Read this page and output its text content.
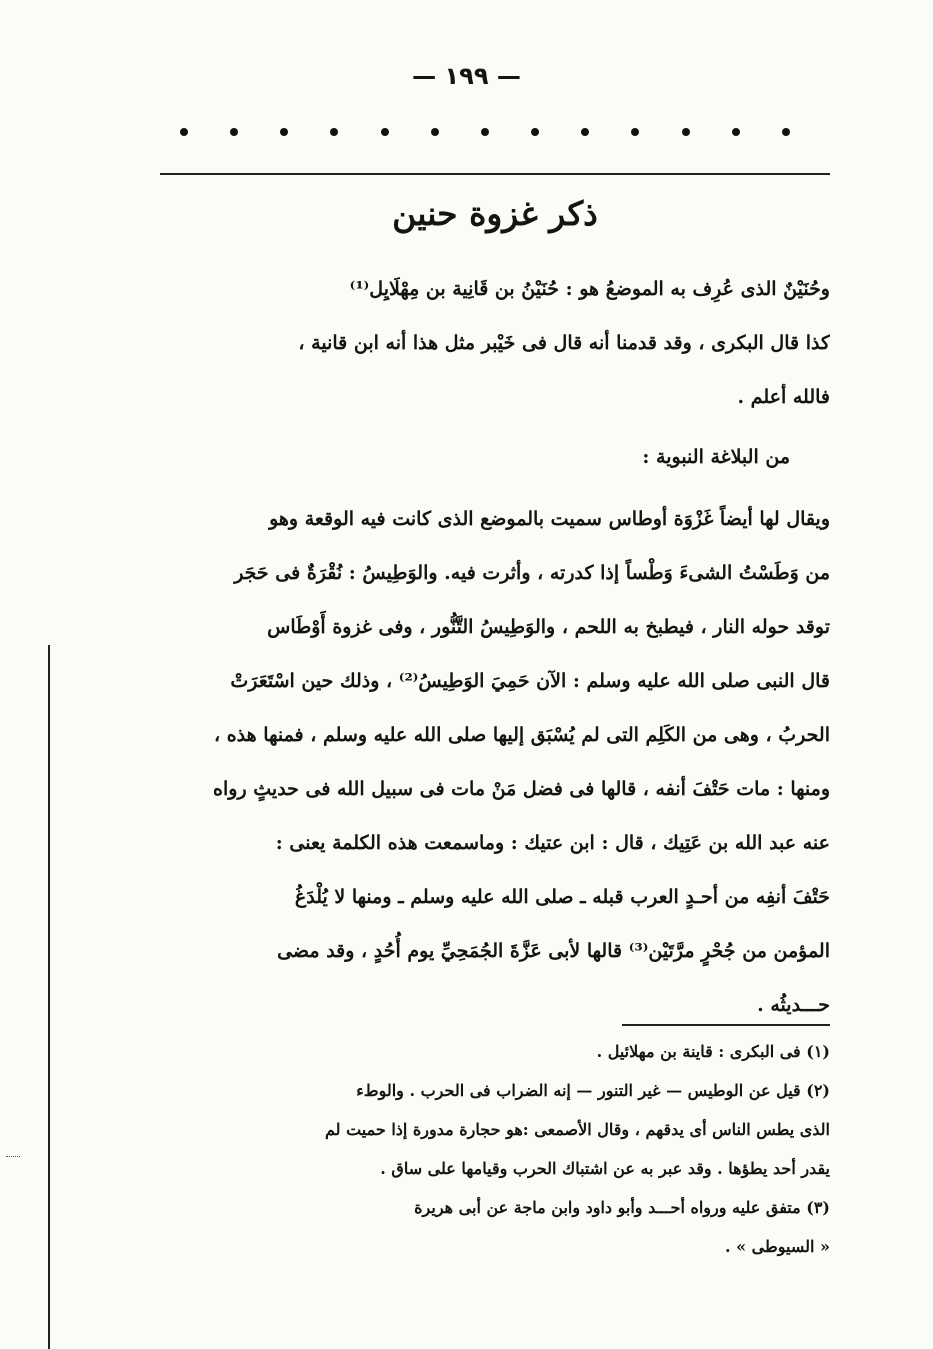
— ١٩٩ —
ذكر غزوة حنين
وحُنَيْنٌ الذى عُرِف به الموضعُ هو : حُنَيْنُ بن قَانِية بن مِهْلَايِل⁽¹⁾
كذا قال البكرى ، وقد قدمنا أنه قال فى خَيْبر مثل هذا أنه ابن قانية ،
فالله أعلم .
من البلاغة النبوية :
ويقال لها أيضاً غَزْوَة أوطاس سميت بالموضع الذى كانت فيه الوقعة وهو
من وَطَسْتُ الشىءَ وَطْساً إذا كدرته ، وأثرت فيه. والوَطِيسُ : نُقْرَةٌ فى حَجَر
توقد حوله النار ، فيطبخ به اللحم ، والوَطِيسُ التَّنُّور ، وفى غزوة أَوْطَاس
قال النبى صلى الله عليه وسلم : الآن حَمِيَ الوَطِيسُ⁽²⁾ ، وذلك حين اسْتَعَرَتْ
الحربُ ، وهى من الكَلِم التى لم يُسْبَق إليها صلى الله عليه وسلم ، فمنها هذه ،
ومنها : مات حَتْفَ أنفه ، قالها فى فضل مَنْ مات فى سبيل الله فى حديثٍ رواه
عنه عبد الله بن عَتِيك ، قال : ابن عتيك : وماسمعت هذه الكلمة يعنى :
حَتْفَ أنفِه من أحـدٍ العرب قبله ـ صلى الله عليه وسلم ـ ومنها لا يُلْدَغُ
المؤمن من جُحْرٍ مرَّتَيْن⁽³⁾ قالها لأبى عَزَّةَ الجُمَحِيِّ يوم أُحُدٍ ، وقد مضى
حـــديثُه .
(١) فى البكرى : قاينة بن مهلائيل .
(٢) قيل عن الوطيس — غير التنور — إنه الضراب فى الحرب . والوطء
الذى يطس الناس أى يدقهم ، وقال الأصمعى :هو حجارة مدورة إذا حميت لم
يقدر أحد يطؤها . وقد عبر به عن اشتباك الحرب وقيامها على ساق .
(٣) متفق عليه ورواه أحـــد وأبو داود وابن ماجة عن أبى هريرة
« السيوطى » .
